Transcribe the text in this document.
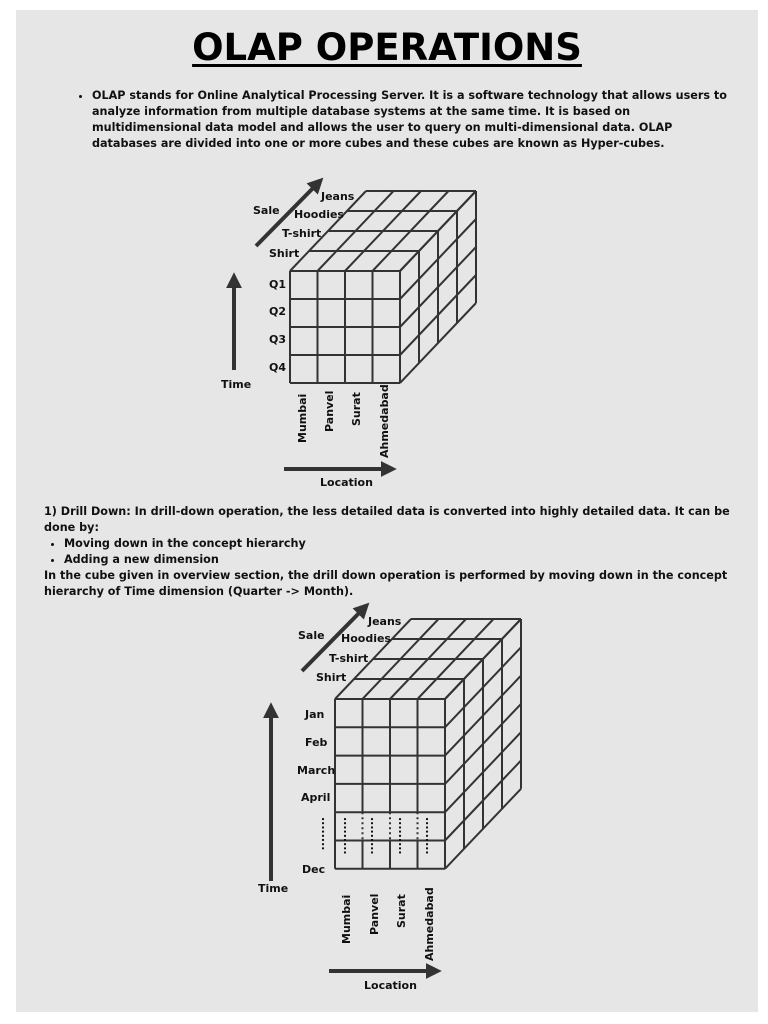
OLAP OPERATIONS
• OLAP stands for Online Analytical Processing Server. It is a software technology that allows users to analyze information from multiple database systems at the same time. It is based on multidimensional data model and allows the user to query on multi-dimensional data. OLAP databases are divided into one or more cubes and these cubes are known as Hyper-cubes.

1) Drill Down: In drill-down operation, the less detailed data is converted into highly detailed data. It can be done by:

• Moving down in the concept hierarchy
• Adding a new dimension

In the cube given in overview section, the drill down operation is performed by moving down in the concept hierarchy of Time dimension (Quarter -> Month).

Sale
Jeans
Hoodies
T-shirt
Shirt
Time
Q1
Q2
Q3
Q4
Mumbai Panvel Surat Ahmedabad
Location
Sale
Jeans
Hoodies
T-shirt
Shirt
Time
Jan
Feb
March
April
........
Dec
......... ......... ......... .........
Mumbai Panvel Surat Ahmedabad
Location
